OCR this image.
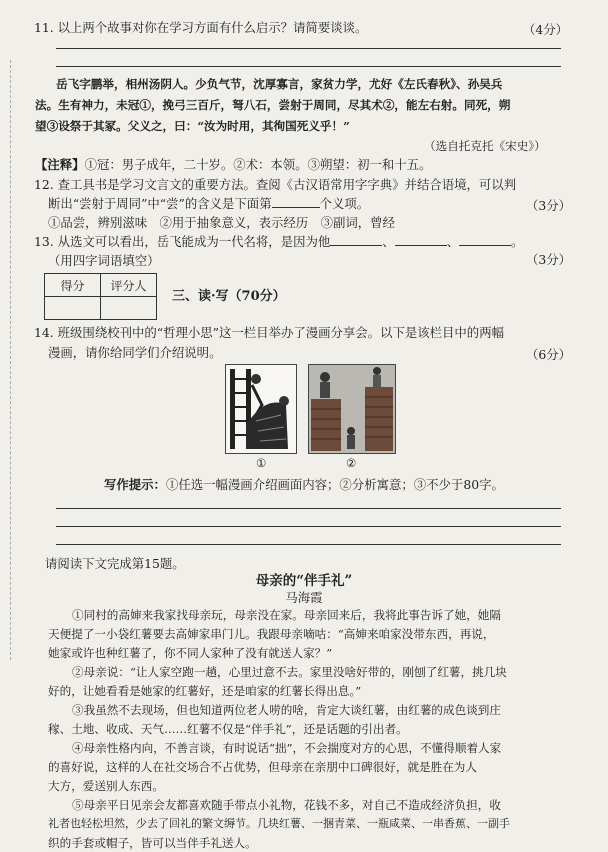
11. 以上两个故事对你在学习方面有什么启示？请简要谈谈。	（4分）
岳飞字鹏举，相州汤阴人。少负气节，沈厚寡言，家贫力学，尤好《左氏春秋》、孙吴兵
法。生有神力，未冠①，挽弓三百斤，弩八石，尝射于周同，尽其术②，能左右射。同死，朔
望③设祭于其冢。父义之，曰：“汝为时用，其徇国死义乎！”
（选自托克托《宋史》）
【注释】①冠：男子成年，二十岁。②术：本领。③朔望：初一和十五。
12. 查工具书是学习文言文的重要方法。查阅《古汉语常用字字典》并结合语境，可以判
断出“尝射于周同”中“尝”的含义是下面第	个义项。	（3分）
①品尝，辨别滋味　②用于抽象意义，表示经历　③副词，曾经
13. 从选文可以看出，岳飞能成为一代名将，是因为他	、	、	。
（用四字词语填空）	（3分）
得分	评分人

三、读·写（70分）
14. 班级围绕校刊中的“哲理小思”这一栏目举办了漫画分享会。以下是该栏目中的两幅
漫画，请你给同学们介绍说明。	（6分）
①	②
写作提示：①任选一幅漫画介绍画面内容；②分析寓意；③不少于80字。
请阅读下文完成第15题。
母亲的“伴手礼”
马海霞
①同村的高婶来我家找母亲玩，母亲没在家。母亲回来后，我将此事告诉了她，她隔
天便提了一小袋红薯要去高婶家串门儿。我跟母亲嘀咕：“高婶来咱家没带东西，再说，
她家或许也种红薯了，你不同人家种了没有就送人家？”
②母亲说：“让人家空跑一趟，心里过意不去。家里没啥好带的，刚刨了红薯，挑几块
好的，让她看看是她家的红薯好，还是咱家的红薯长得出息。”
③我虽然不去现场，但也知道两位老人唠的啥，肯定大谈红薯，由红薯的成色谈到庄
稼、土地、收成、天气……红薯不仅是“伴手礼”，还是话题的引出者。
④母亲性格内向，不善言谈，有时说话“拙”，不会揣度对方的心思，不懂得顺着人家
的喜好说，这样的人在社交场合不占优势，但母亲在亲朋中口碑很好，就是胜在为人
大方，爱送别人东西。
⑤母亲平日见亲会友都喜欢随手带点小礼物，花钱不多，对自己不造成经济负担，收
礼者也轻松坦然，少去了回礼的繁文缛节。几块红薯、一捆青菜、一瓶咸菜、一串香蕉、一副手
织的手套或帽子，皆可以当伴手礼送人。
